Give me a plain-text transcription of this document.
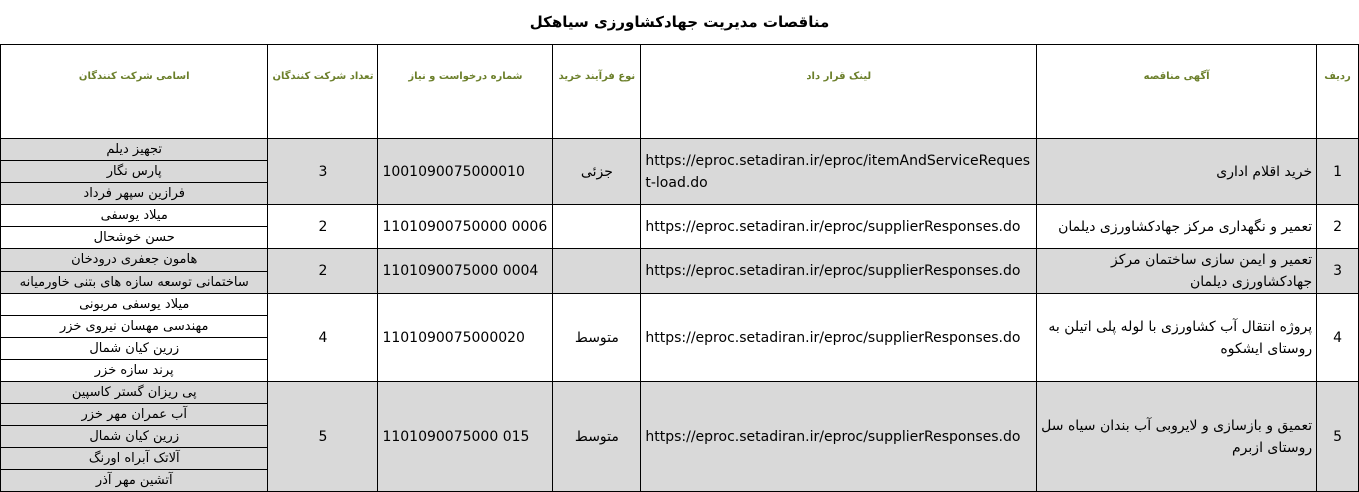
مناقصات مدیریت جهادکشاورزی سیاهکل
ردیف	آگهی مناقصه	لینک قرار داد	نوع فرآیند خرید	شماره درخواست و نیاز	تعداد شرکت کنندگان	اسامی شرکت کنندگان
1	خرید اقلام اداری	https://eproc.setadiran.ir/eproc/itemAndServiceRequest-load.do	جزئی	1001090075000010	3	تجهیز دیلم
						پارس نگار
						فرازین سپهر فرداد
2	تعمیر و نگهداری مرکز جهادکشاورزی دیلمان	https://eproc.setadiran.ir/eproc/supplierResponses.do		11010900750000 0006	2	میلاد یوسفی
						حسن خوشحال
3	تعمیر و ایمن سازی ساختمان مرکز جهادکشاورزی دیلمان	https://eproc.setadiran.ir/eproc/supplierResponses.do		1101090075000 0004	2	هامون جعفری درودخان
						ساختمانی توسعه سازه های بتنی خاورمیانه
4	پروژه انتقال آب کشاورزی با لوله پلی اتیلن به روستای ایشکوه	https://eproc.setadiran.ir/eproc/supplierResponses.do	متوسط	1101090075000020	4	میلاد یوسفی مربونی
						مهندسی مهسان نیروی خزر
						زرین کیان شمال
						پرند سازه خزر
5	تعمیق و بازسازی و لایروبی آب بندان سیاه سل روستای ازبرم	https://eproc.setadiran.ir/eproc/supplierResponses.do	متوسط	1101090075000 015	5	پی ریزان گستر کاسپین
						آب عمران مهر خزر
						زرین کیان شمال
						آلاتک آبراه اورنگ
						آتشین مهر آذر
